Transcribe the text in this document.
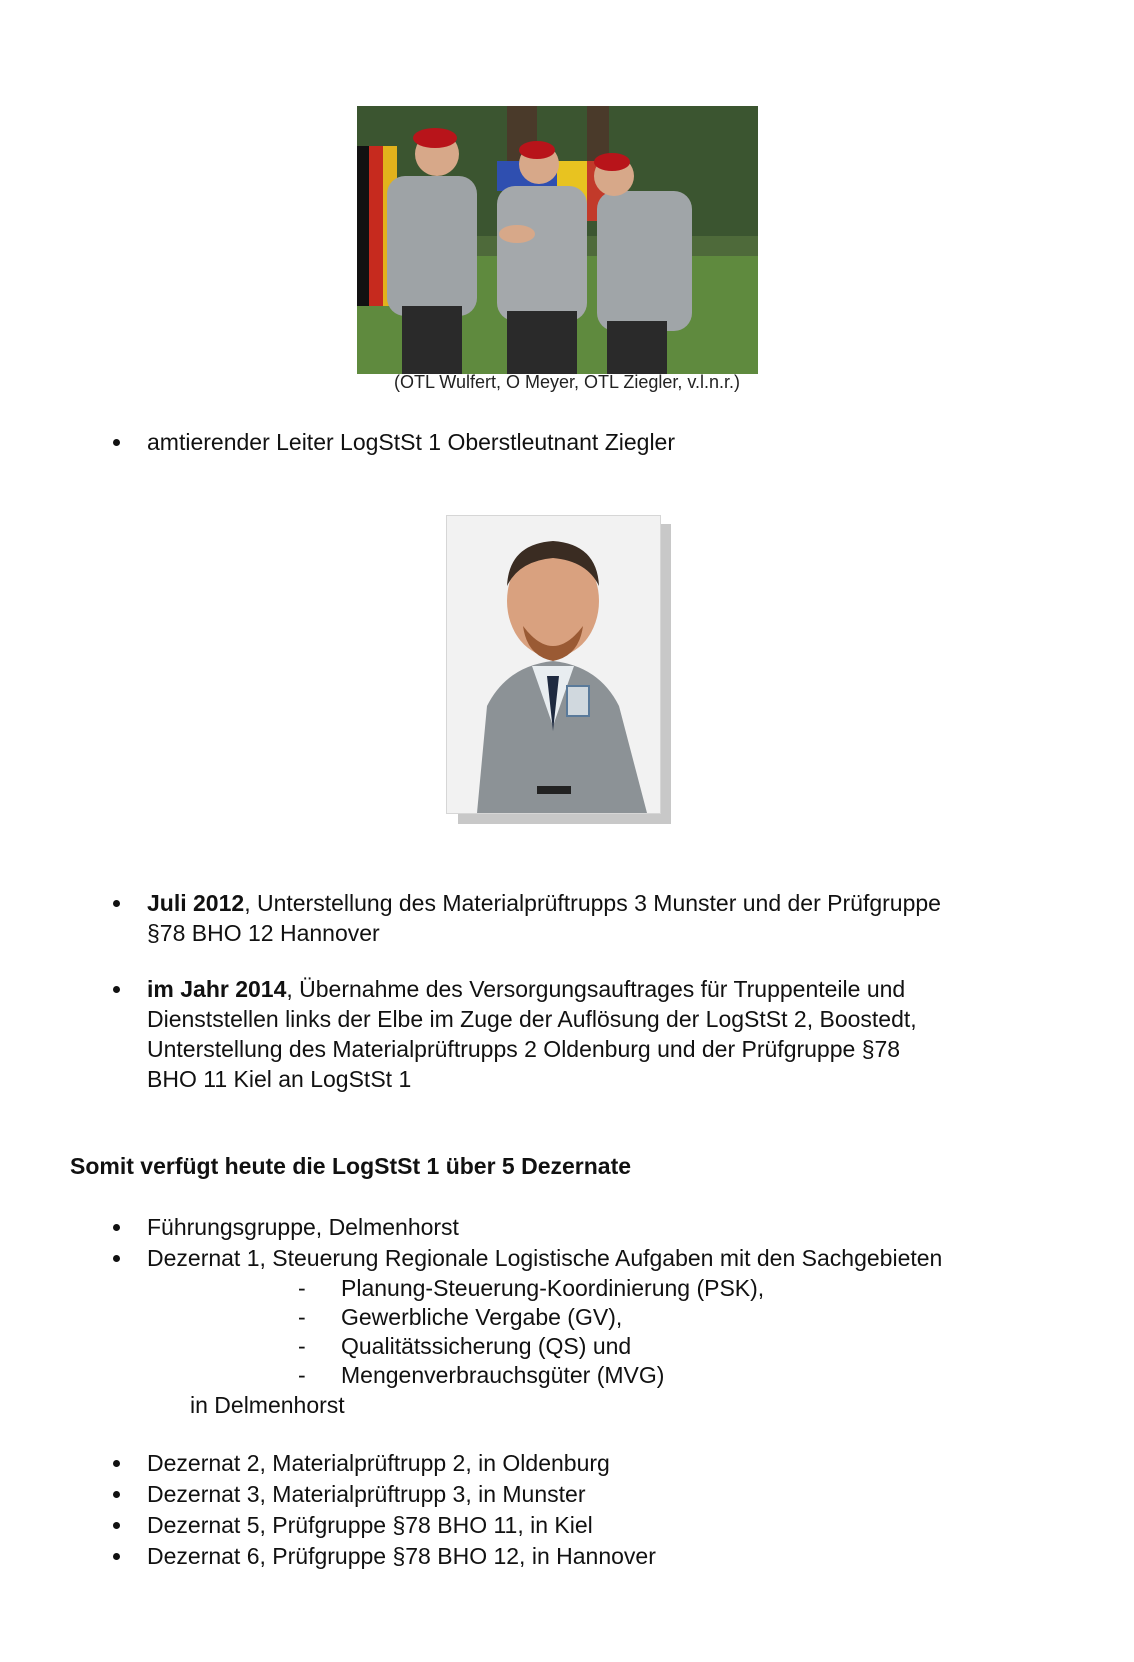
(OTL Wulfert, O Meyer, OTL Ziegler, v.l.n.r.)
amtierender Leiter LogStSt 1 Oberstleutnant Ziegler
Juli 2012, Unterstellung des Materialprüftrupps 3 Munster und der Prüfgruppe
§78 BHO 12 Hannover
im Jahr 2014, Übernahme des Versorgungsauftrages für Truppenteile und
Dienststellen links der Elbe im Zuge der Auflösung der LogStSt 2, Boostedt,
Unterstellung des Materialprüftrupps 2 Oldenburg und der Prüfgruppe §78
BHO 11 Kiel an LogStSt 1
Somit verfügt heute die LogStSt 1 über 5 Dezernate
Führungsgruppe, Delmenhorst
Dezernat 1, Steuerung Regionale Logistische Aufgaben mit den Sachgebieten
- Planung-Steuerung-Koordinierung (PSK),
- Gewerbliche Vergabe (GV),
- Qualitätssicherung (QS) und
- Mengenverbrauchsgüter (MVG)
in Delmenhorst
Dezernat 2, Materialprüftrupp 2, in Oldenburg
Dezernat 3, Materialprüftrupp 3, in Munster
Dezernat 5, Prüfgruppe §78 BHO 11, in Kiel
Dezernat 6, Prüfgruppe §78 BHO 12, in Hannover
